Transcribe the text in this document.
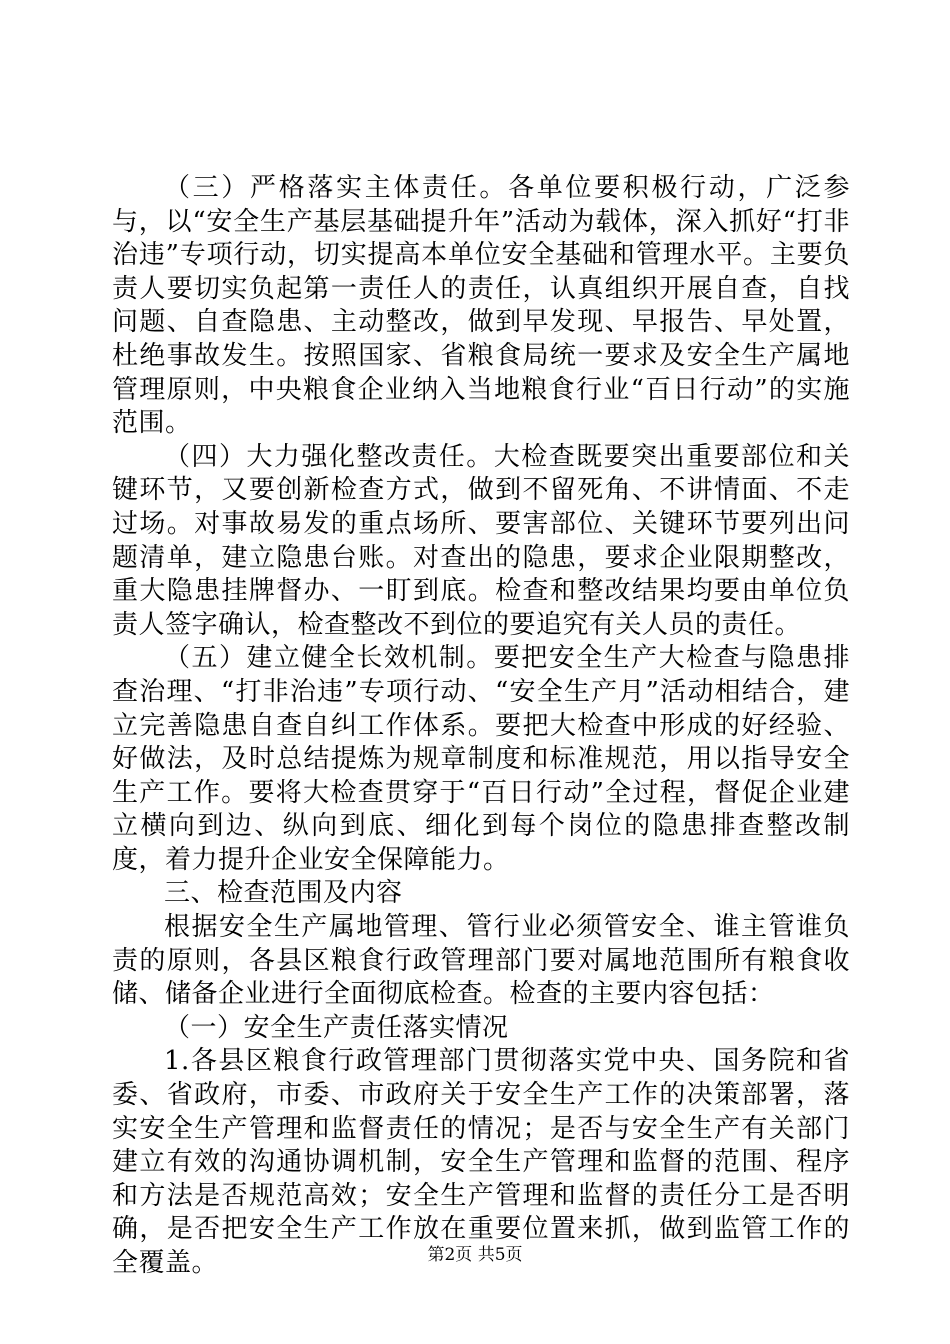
（三）严格落实主体责任。各单位要积极行动，广泛参与，以“安全生产基层基础提升年”活动为载体，深入抓好“打非治违”专项行动，切实提高本单位安全基础和管理水平。主要负责人要切实负起第一责任人的责任，认真组织开展自查，自找问题、自查隐患、主动整改，做到早发现、早报告、早处置，杜绝事故发生。按照国家、省粮食局统一要求及安全生产属地管理原则，中央粮食企业纳入当地粮食行业“百日行动”的实施范围。

（四）大力强化整改责任。大检查既要突出重要部位和关键环节，又要创新检查方式，做到不留死角、不讲情面、不走过场。对事故易发的重点场所、要害部位、关键环节要列出问题清单，建立隐患台账。对查出的隐患，要求企业限期整改，重大隐患挂牌督办、一盯到底。检查和整改结果均要由单位负责人签字确认，检查整改不到位的要追究有关人员的责任。

（五）建立健全长效机制。要把安全生产大检查与隐患排查治理、“打非治违”专项行动、“安全生产月”活动相结合，建立完善隐患自查自纠工作体系。要把大检查中形成的好经验、好做法，及时总结提炼为规章制度和标准规范，用以指导安全生产工作。要将大检查贯穿于“百日行动”全过程，督促企业建立横向到边、纵向到底、细化到每个岗位的隐患排查整改制度，着力提升企业安全保障能力。

三、检查范围及内容

根据安全生产属地管理、管行业必须管安全、谁主管谁负责的原则，各县区粮食行政管理部门要对属地范围所有粮食收储、储备企业进行全面彻底检查。检查的主要内容包括：

（一）安全生产责任落实情况

1.各县区粮食行政管理部门贯彻落实党中央、国务院和省委、省政府，市委、市政府关于安全生产工作的决策部署，落实安全生产管理和监督责任的情况；是否与安全生产有关部门建立有效的沟通协调机制，安全生产管理和监督的范围、程序和方法是否规范高效；安全生产管理和监督的责任分工是否明确，是否把安全生产工作放在重要位置来抓，做到监管工作的全覆盖。	第2页 共5页
